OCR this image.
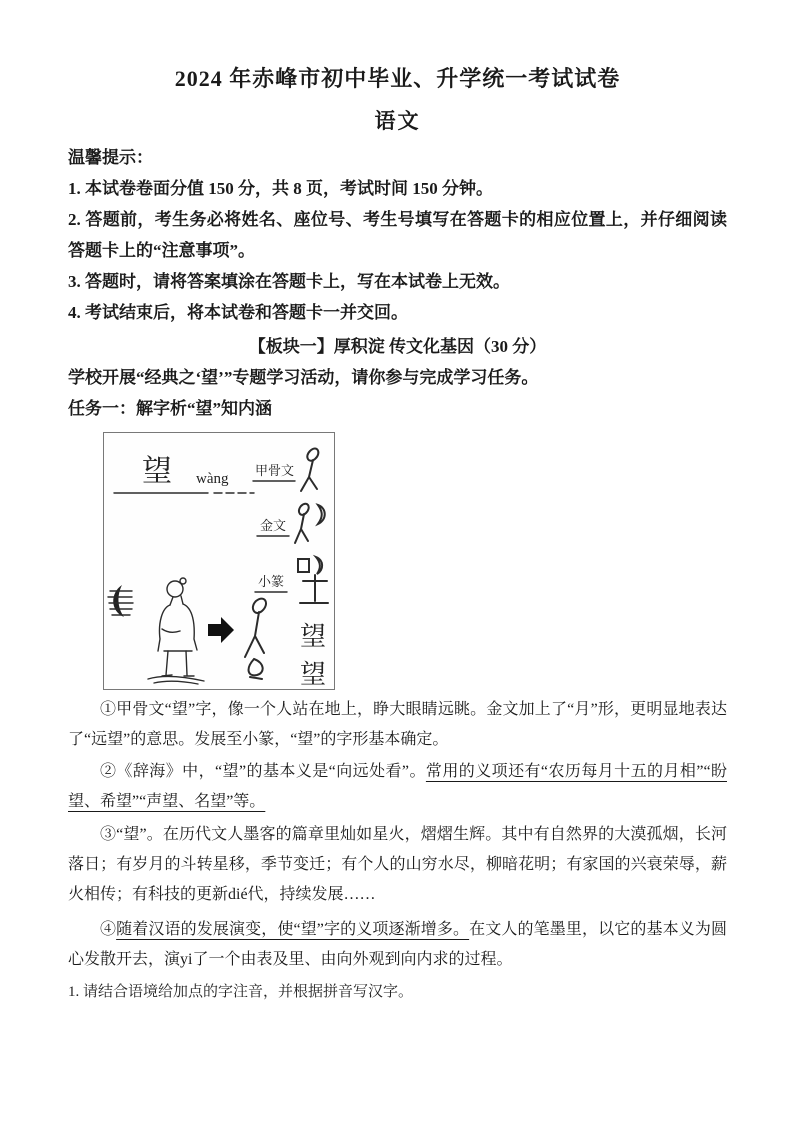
2024 年赤峰市初中毕业、升学统一考试试卷
语文

温馨提示：

1. 本试卷卷面分值 150 分，共 8 页，考试时间 150 分钟。

2. 答题前，考生务必将姓名、座位号、考生号填写在答题卡的相应位置上，并仔细阅读答题卡上的“注意事项”。

3. 答题时，请将答案填涂在答题卡上，写在本试卷上无效。

4. 考试结束后，将本试卷和答题卡一并交回。

【板块一】厚积淀 传文化基因（30 分）

学校开展“经典之‘望’”专题学习活动，请你参与完成学习任务。

任务一：解字析“望”知内涵

望 wàng
甲骨文
金文
小篆
望
望

①甲骨文“望”字，像一个人站在地上，睁大眼睛远眺。金文加上了“月”形，更明显地表达了“远望”的意思。发展至小篆，“望”的字形基本确定。

②《辞海》中，“望”的基本义是“向远处看”。常用的义项还有“农历每月十五的月相”“盼望、希望”“声望、名望”等。

③“望”。在历代文人墨客的篇章里灿如星火，熠熠生辉。其中有自然界的大漠孤烟，长河落日；有岁月的斗转星移，季节变迁；有个人的山穷水尽，柳暗花明；有家国的兴衰荣辱，薪火相传；有科技的更新dié代，持续发展……

④随着汉语的发展演变，使“望”字的义项逐渐增多。在文人的笔墨里，以它的基本义为圆心发散开去，演yi了一个由表及里、由向外观到向内求的过程。

1. 请结合语境给加点的字注音，并根据拼音写汉字。
